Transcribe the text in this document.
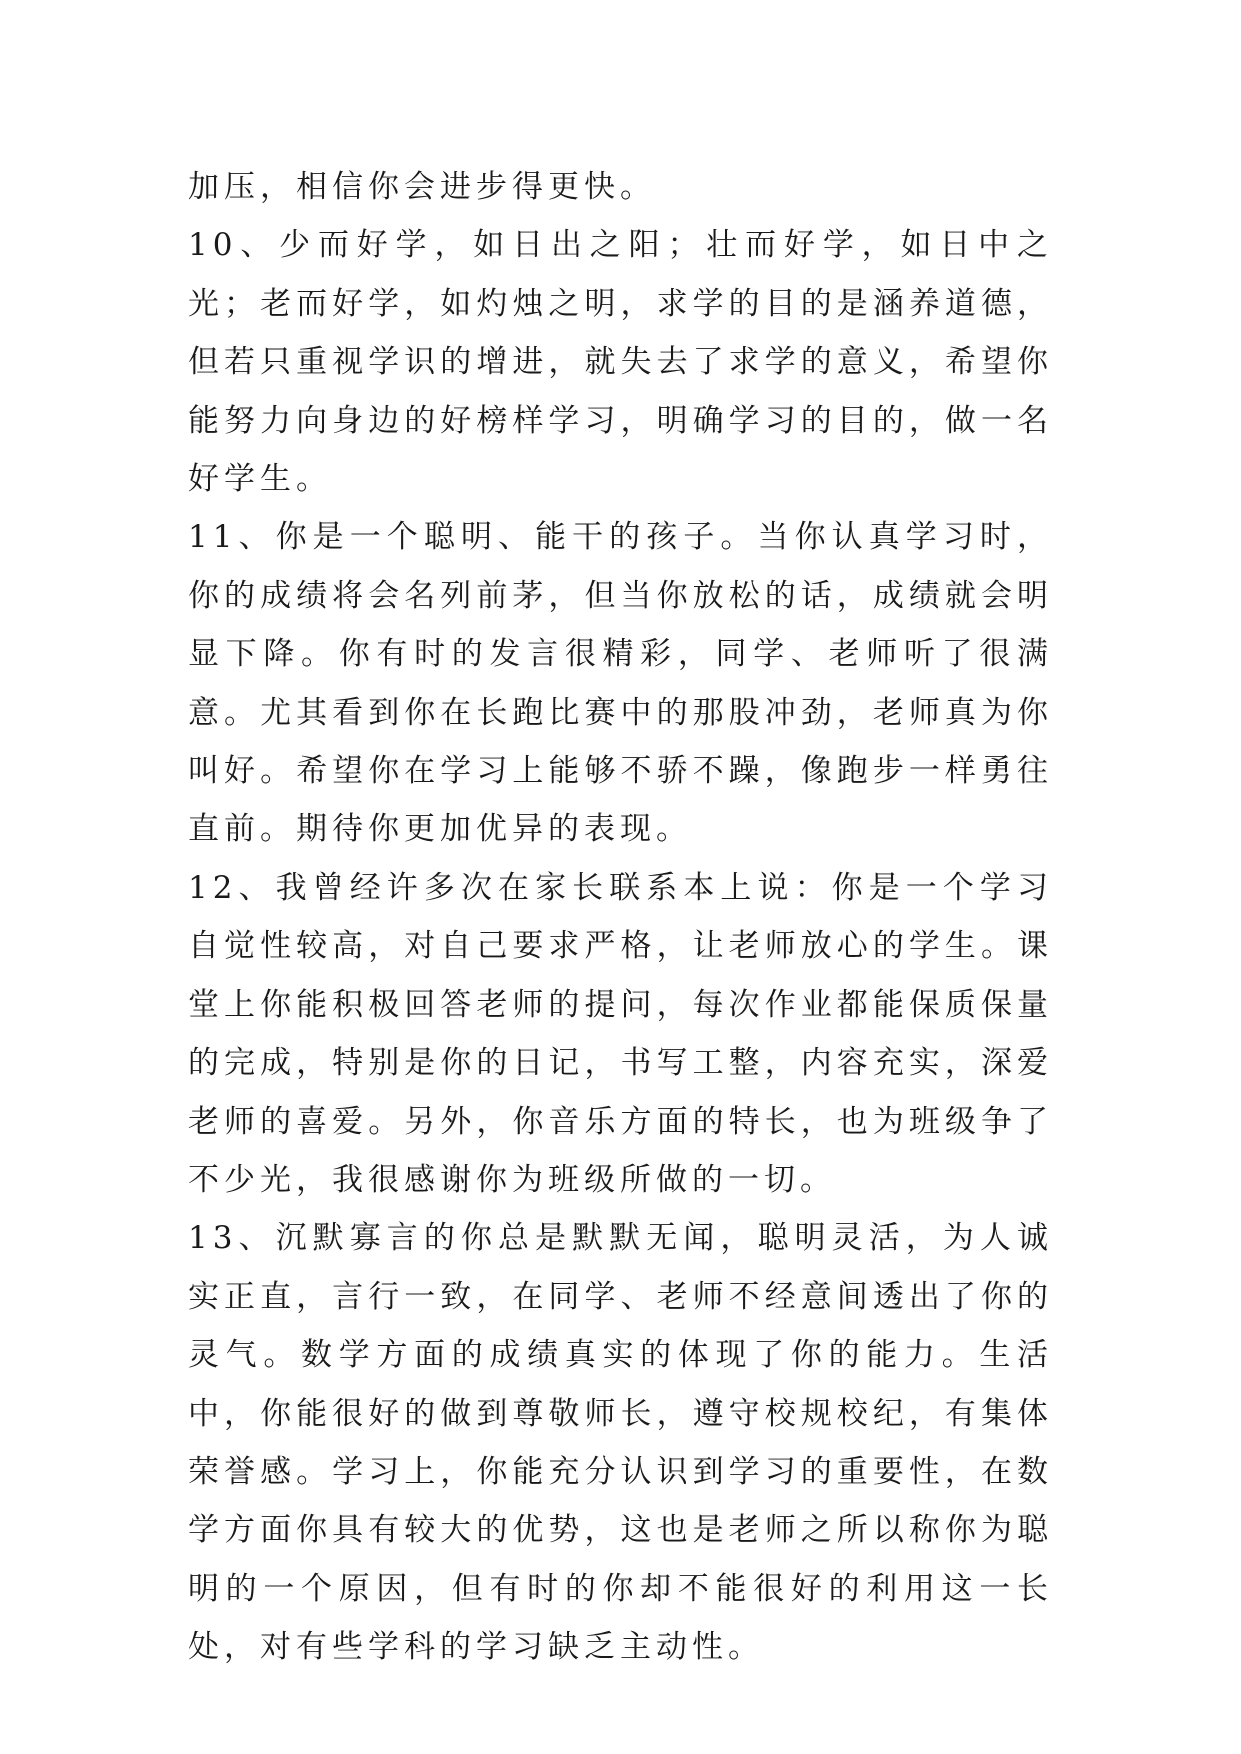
加压，相信你会进步得更快。

10、少而好学，如日出之阳；壮而好学，如日中之光；老而好学，如灼烛之明，求学的目的是涵养道德，但若只重视学识的增进，就失去了求学的意义，希望你能努力向身边的好榜样学习，明确学习的目的，做一名好学生。

11、你是一个聪明、能干的孩子。当你认真学习时，你的成绩将会名列前茅，但当你放松的话，成绩就会明显下降。你有时的发言很精彩，同学、老师听了很满意。尤其看到你在长跑比赛中的那股冲劲，老师真为你叫好。希望你在学习上能够不骄不躁，像跑步一样勇往直前。期待你更加优异的表现。

12、我曾经许多次在家长联系本上说：你是一个学习自觉性较高，对自己要求严格，让老师放心的学生。课堂上你能积极回答老师的提问，每次作业都能保质保量的完成，特别是你的日记，书写工整，内容充实，深爱老师的喜爱。另外，你音乐方面的特长，也为班级争了不少光，我很感谢你为班级所做的一切。

13、沉默寡言的你总是默默无闻，聪明灵活，为人诚实正直，言行一致，在同学、老师不经意间透出了你的灵气。数学方面的成绩真实的体现了你的能力。生活中，你能很好的做到尊敬师长，遵守校规校纪，有集体荣誉感。学习上，你能充分认识到学习的重要性，在数学方面你具有较大的优势，这也是老师之所以称你为聪明的一个原因，但有时的你却不能很好的利用这一长处，对有些学科的学习缺乏主动性。
